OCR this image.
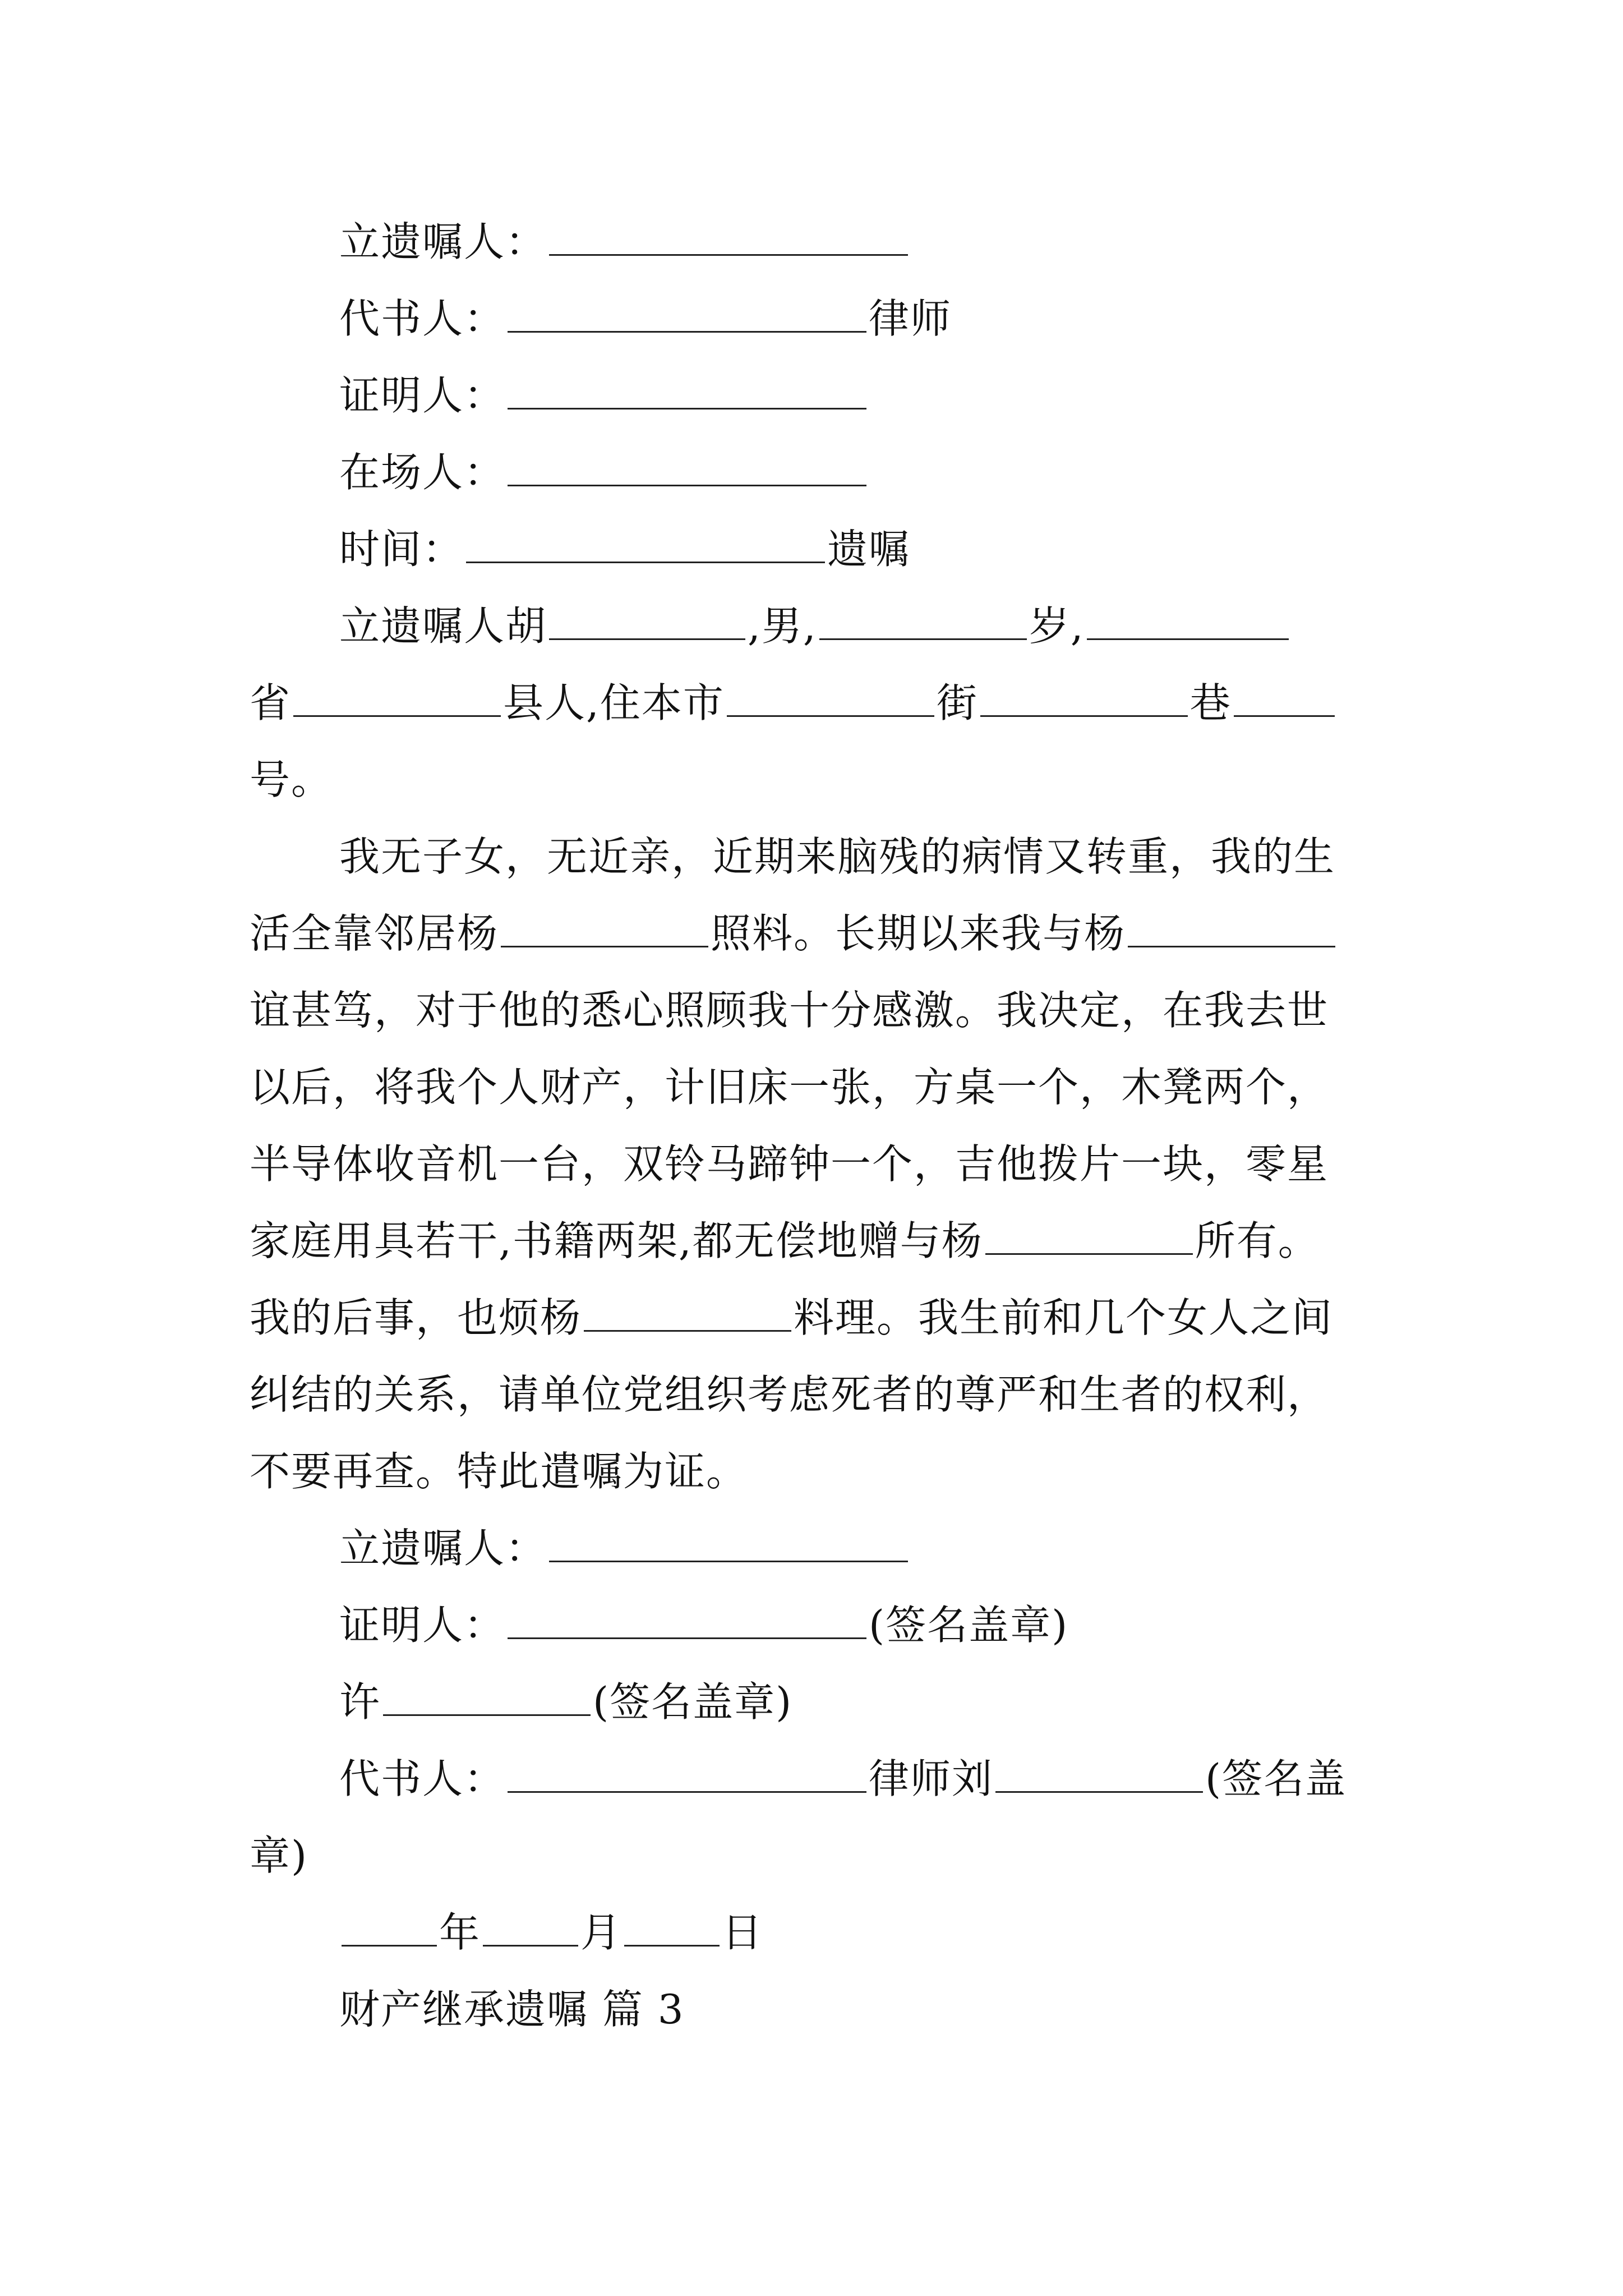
立遗嘱人：
代书人：	律师
证明人：
在场人：
时间：	遗嘱
立遗嘱人胡	,男,	岁,
省	县人,住本市	街	巷
号。
我无子女，无近亲，近期来脑残的病情又转重，我的生
活全靠邻居杨	照料。长期以来我与杨
谊甚笃，对于他的悉心照顾我十分感激。我决定，在我去世
以后，将我个人财产，计旧床一张，方桌一个，木凳两个，
半导体收音机一台，双铃马蹄钟一个，吉他拨片一块，零星
家庭用具若干,书籍两架,都无偿地赠与杨	所有。
我的后事，也烦杨	料理。我生前和几个女人之间
纠结的关系，请单位党组织考虑死者的尊严和生者的权利，
不要再查。特此遣嘱为证。
立遗嘱人：
证明人：	(签名盖章)
许	(签名盖章)
代书人：	律师刘	(签名盖
章)
年 月 日
财产继承遗嘱 篇 3
